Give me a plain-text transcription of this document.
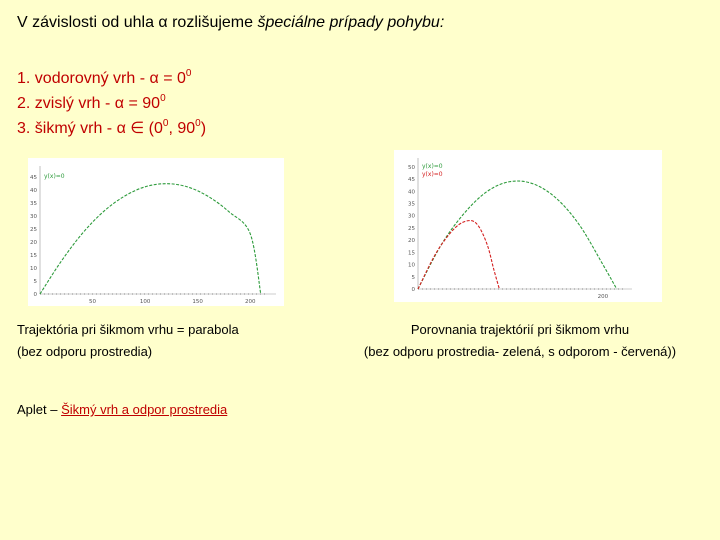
V závislosti od uhla α rozlišujeme špeciálne prípady pohybu:
1. vodorovný vrh - $\alpha = 0^0$
2. zvislý vrh - $\alpha = 90^0$
3. šikmý vrh - α ∈ ($0^0$, $90^0$)
y(x)=0
45
40
35
30
25
20
15
10
5
0
50	100	150	200
y(x)=0
y(x)=0
50
45
40
35
30
25
20
15
10
5
0
200
Trajektória pri šikmom vrhu = parabola
(bez odporu prostredia)
Porovnania trajektórií pri šikmom vrhu
(bez odporu prostredia- zelená, s odporom - červená))
Aplet – Šikmý vrh a odpor prostredia
